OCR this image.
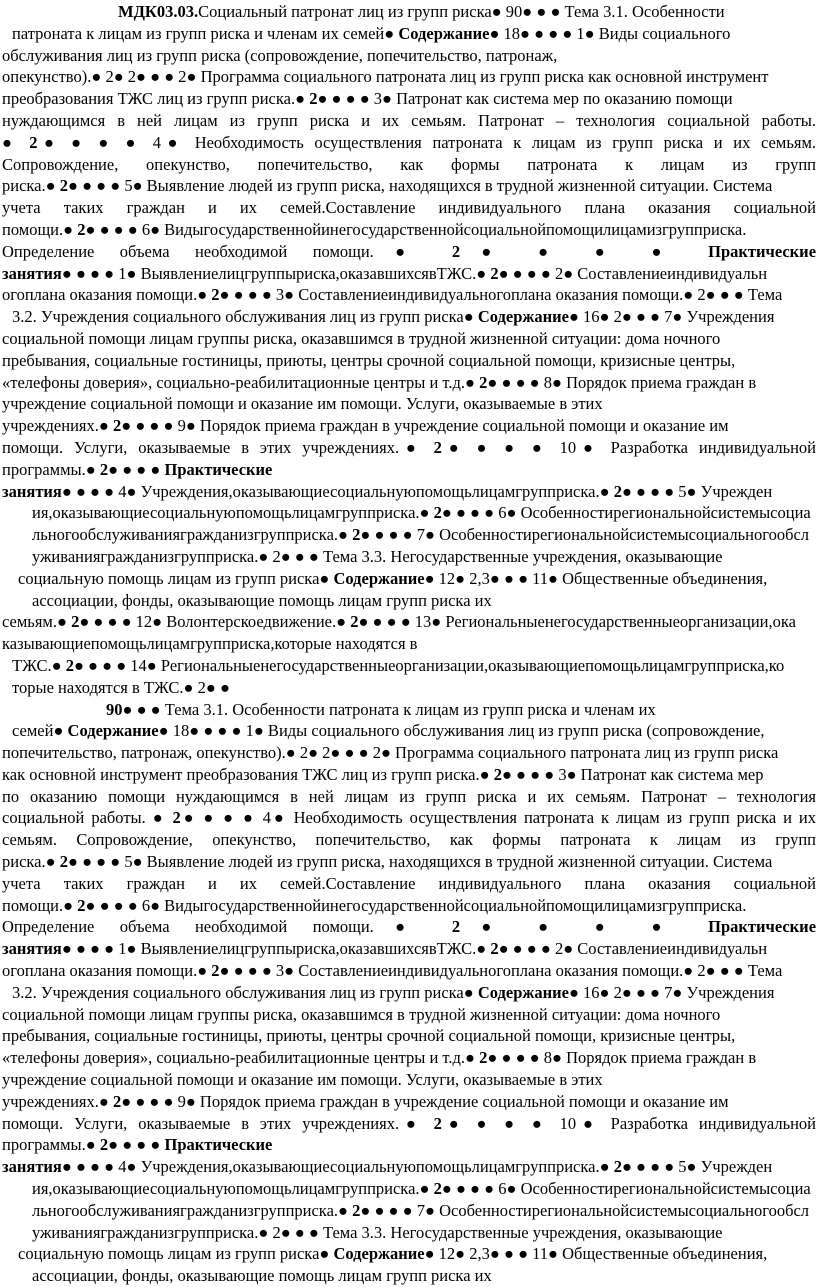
МДК03.03.Социальный патронат лиц из групп риска● 90● ● ● Тема 3.1. Особенности
патроната к лицам из групп риска и членам их семей● Содержание● 18● ● ● ● 1● Виды социального
обслуживания лиц из групп риска (сопровождение, попечительство, патронаж,
опекунство).● 2● 2● ● ● 2● Программа социального патроната лиц из групп риска как основной инструмент
преобразования ТЖС лиц из групп риска.● 2● ● ● ● 3● Патронат как система мер по оказанию помощи
нуждающимся в ней лицам из групп риска и их семьям. Патронат – технология социальной работы.
● 2● ● ● ● 4● Необходимость осуществления патроната к лицам из групп риска и их семьям.
Сопровождение, опекунство, попечительство, как формы патроната к лицам из групп
риска.● 2● ● ● ● 5● Выявление людей из групп риска, находящихся в трудной жизненной ситуации. Система
учета таких граждан и их семей.Составление индивидуального плана оказания социальной
помощи.● 2● ● ● ● 6● Видыгосударственнойинегосударственнойсоциальнойпомощилицамизгрупприска.
Определение объема необходимой помощи.● 2● ● ● ● Практические
занятия● ● ● ● 1● Выявлениелицгруппыриска,оказавшихсявТЖС.● 2● ● ● ● 2● Составлениеиндивидуальн
огоплана оказания помощи.● 2● ● ● ● 3● Составлениеиндивидуальногоплана оказания помощи.● 2● ● ● Тема
3.2. Учреждения социального обслуживания лиц из групп риска● Содержание● 16● 2● ● ● 7● Учреждения
социальной помощи лицам группы риска, оказавшимся в трудной жизненной ситуации: дома ночного
пребывания, социальные гостиницы, приюты, центры срочной социальной помощи, кризисные центры,
«телефоны доверия», социально-реабилитационные центры и т.д.● 2● ● ● ● 8● Порядок приема граждан в
учреждение социальной помощи и оказание им помощи. Услуги, оказываемые в этих
учреждениях.● 2● ● ● ● 9● Порядок приема граждан в учреждение социальной помощи и оказание им
помощи. Услуги, оказываемые в этих учреждениях.● 2● ● ● ● 10● Разработка индивидуальной
программы.● 2● ● ● ● Практические
занятия● ● ● ● 4● Учреждения,оказывающиесоциальнуюпомощьлицамгрупприска.● 2● ● ● ● 5● Учрежден
ия,оказывающиесоциальнуюпомощьлицамгрупприска.● 2● ● ● ● 6● Особенностирегиональнойсистемысоциа
льногообслуживаниягражданизгрупприска.● 2● ● ● ● 7● Особенностирегиональнойсистемысоциальногообсл
уживаниягражданизгрупприска.● 2● ● ● Тема 3.3. Негосударственные учреждения, оказывающие
социальную помощь лицам из групп риска● Содержание● 12● 2,3● ● ● 11● Общественные объединения,
ассоциации, фонды, оказывающие помощь лицам групп риска их
семьям.● 2● ● ● ● 12● Волонтерскоедвижение.● 2● ● ● ● 13● Региональныенегосударственныеорганизации,ока
казывающиепомощьлицамгрупприска,которые находятся в
ТЖС.● 2● ● ● ● 14● Региональныенегосударственныеорганизации,оказывающиепомощьлицамгрупприска,ко
торые находятся в ТЖС.● 2● ●
90● ● ● Тема 3.1. Особенности патроната к лицам из групп риска и членам их
семей● Содержание● 18● ● ● ● 1● Виды социального обслуживания лиц из групп риска (сопровождение,
попечительство, патронаж, опекунство).● 2● 2● ● ● 2● Программа социального патроната лиц из групп риска
как основной инструмент преобразования ТЖС лиц из групп риска.● 2● ● ● ● 3● Патронат как система мер
по оказанию помощи нуждающимся в ней лицам из групп риска и их семьям. Патронат – технология
социальной работы. ● 2● ● ● ● 4● Необходимость осуществления патроната к лицам из групп риска и их
семьям. Сопровождение, опекунство, попечительство, как формы патроната к лицам из групп
риска.● 2● ● ● ● 5● Выявление людей из групп риска, находящихся в трудной жизненной ситуации. Система
учета таких граждан и их семей.Составление индивидуального плана оказания социальной
помощи.● 2● ● ● ● 6● Видыгосударственнойинегосударственнойсоциальнойпомощилицамизгрупприска.
Определение объема необходимой помощи.● 2● ● ● ● Практические
занятия● ● ● ● 1● Выявлениелицгруппыриска,оказавшихсявТЖС.● 2● ● ● ● 2● Составлениеиндивидуальн
огоплана оказания помощи.● 2● ● ● ● 3● Составлениеиндивидуальногоплана оказания помощи.● 2● ● ● Тема
3.2. Учреждения социального обслуживания лиц из групп риска● Содержание● 16● 2● ● ● 7● Учреждения
социальной помощи лицам группы риска, оказавшимся в трудной жизненной ситуации: дома ночного
пребывания, социальные гостиницы, приюты, центры срочной социальной помощи, кризисные центры,
«телефоны доверия», социально-реабилитационные центры и т.д.● 2● ● ● ● 8● Порядок приема граждан в
учреждение социальной помощи и оказание им помощи. Услуги, оказываемые в этих
учреждениях.● 2● ● ● ● 9● Порядок приема граждан в учреждение социальной помощи и оказание им
помощи. Услуги, оказываемые в этих учреждениях.● 2● ● ● ● 10● Разработка индивидуальной
программы.● 2● ● ● ● Практические
занятия● ● ● ● 4● Учреждения,оказывающиесоциальнуюпомощьлицамгрупприска.● 2● ● ● ● 5● Учрежден
ия,оказывающиесоциальнуюпомощьлицамгрупприска.● 2● ● ● ● 6● Особенностирегиональнойсистемысоциа
льногообслуживаниягражданизгрупприска.● 2● ● ● ● 7● Особенностирегиональнойсистемысоциальногообсл
уживаниягражданизгрупприска.● 2● ● ● Тема 3.3. Негосударственные учреждения, оказывающие
социальную помощь лицам из групп риска● Содержание● 12● 2,3● ● ● 11● Общественные объединения,
ассоциации, фонды, оказывающие помощь лицам групп риска их
